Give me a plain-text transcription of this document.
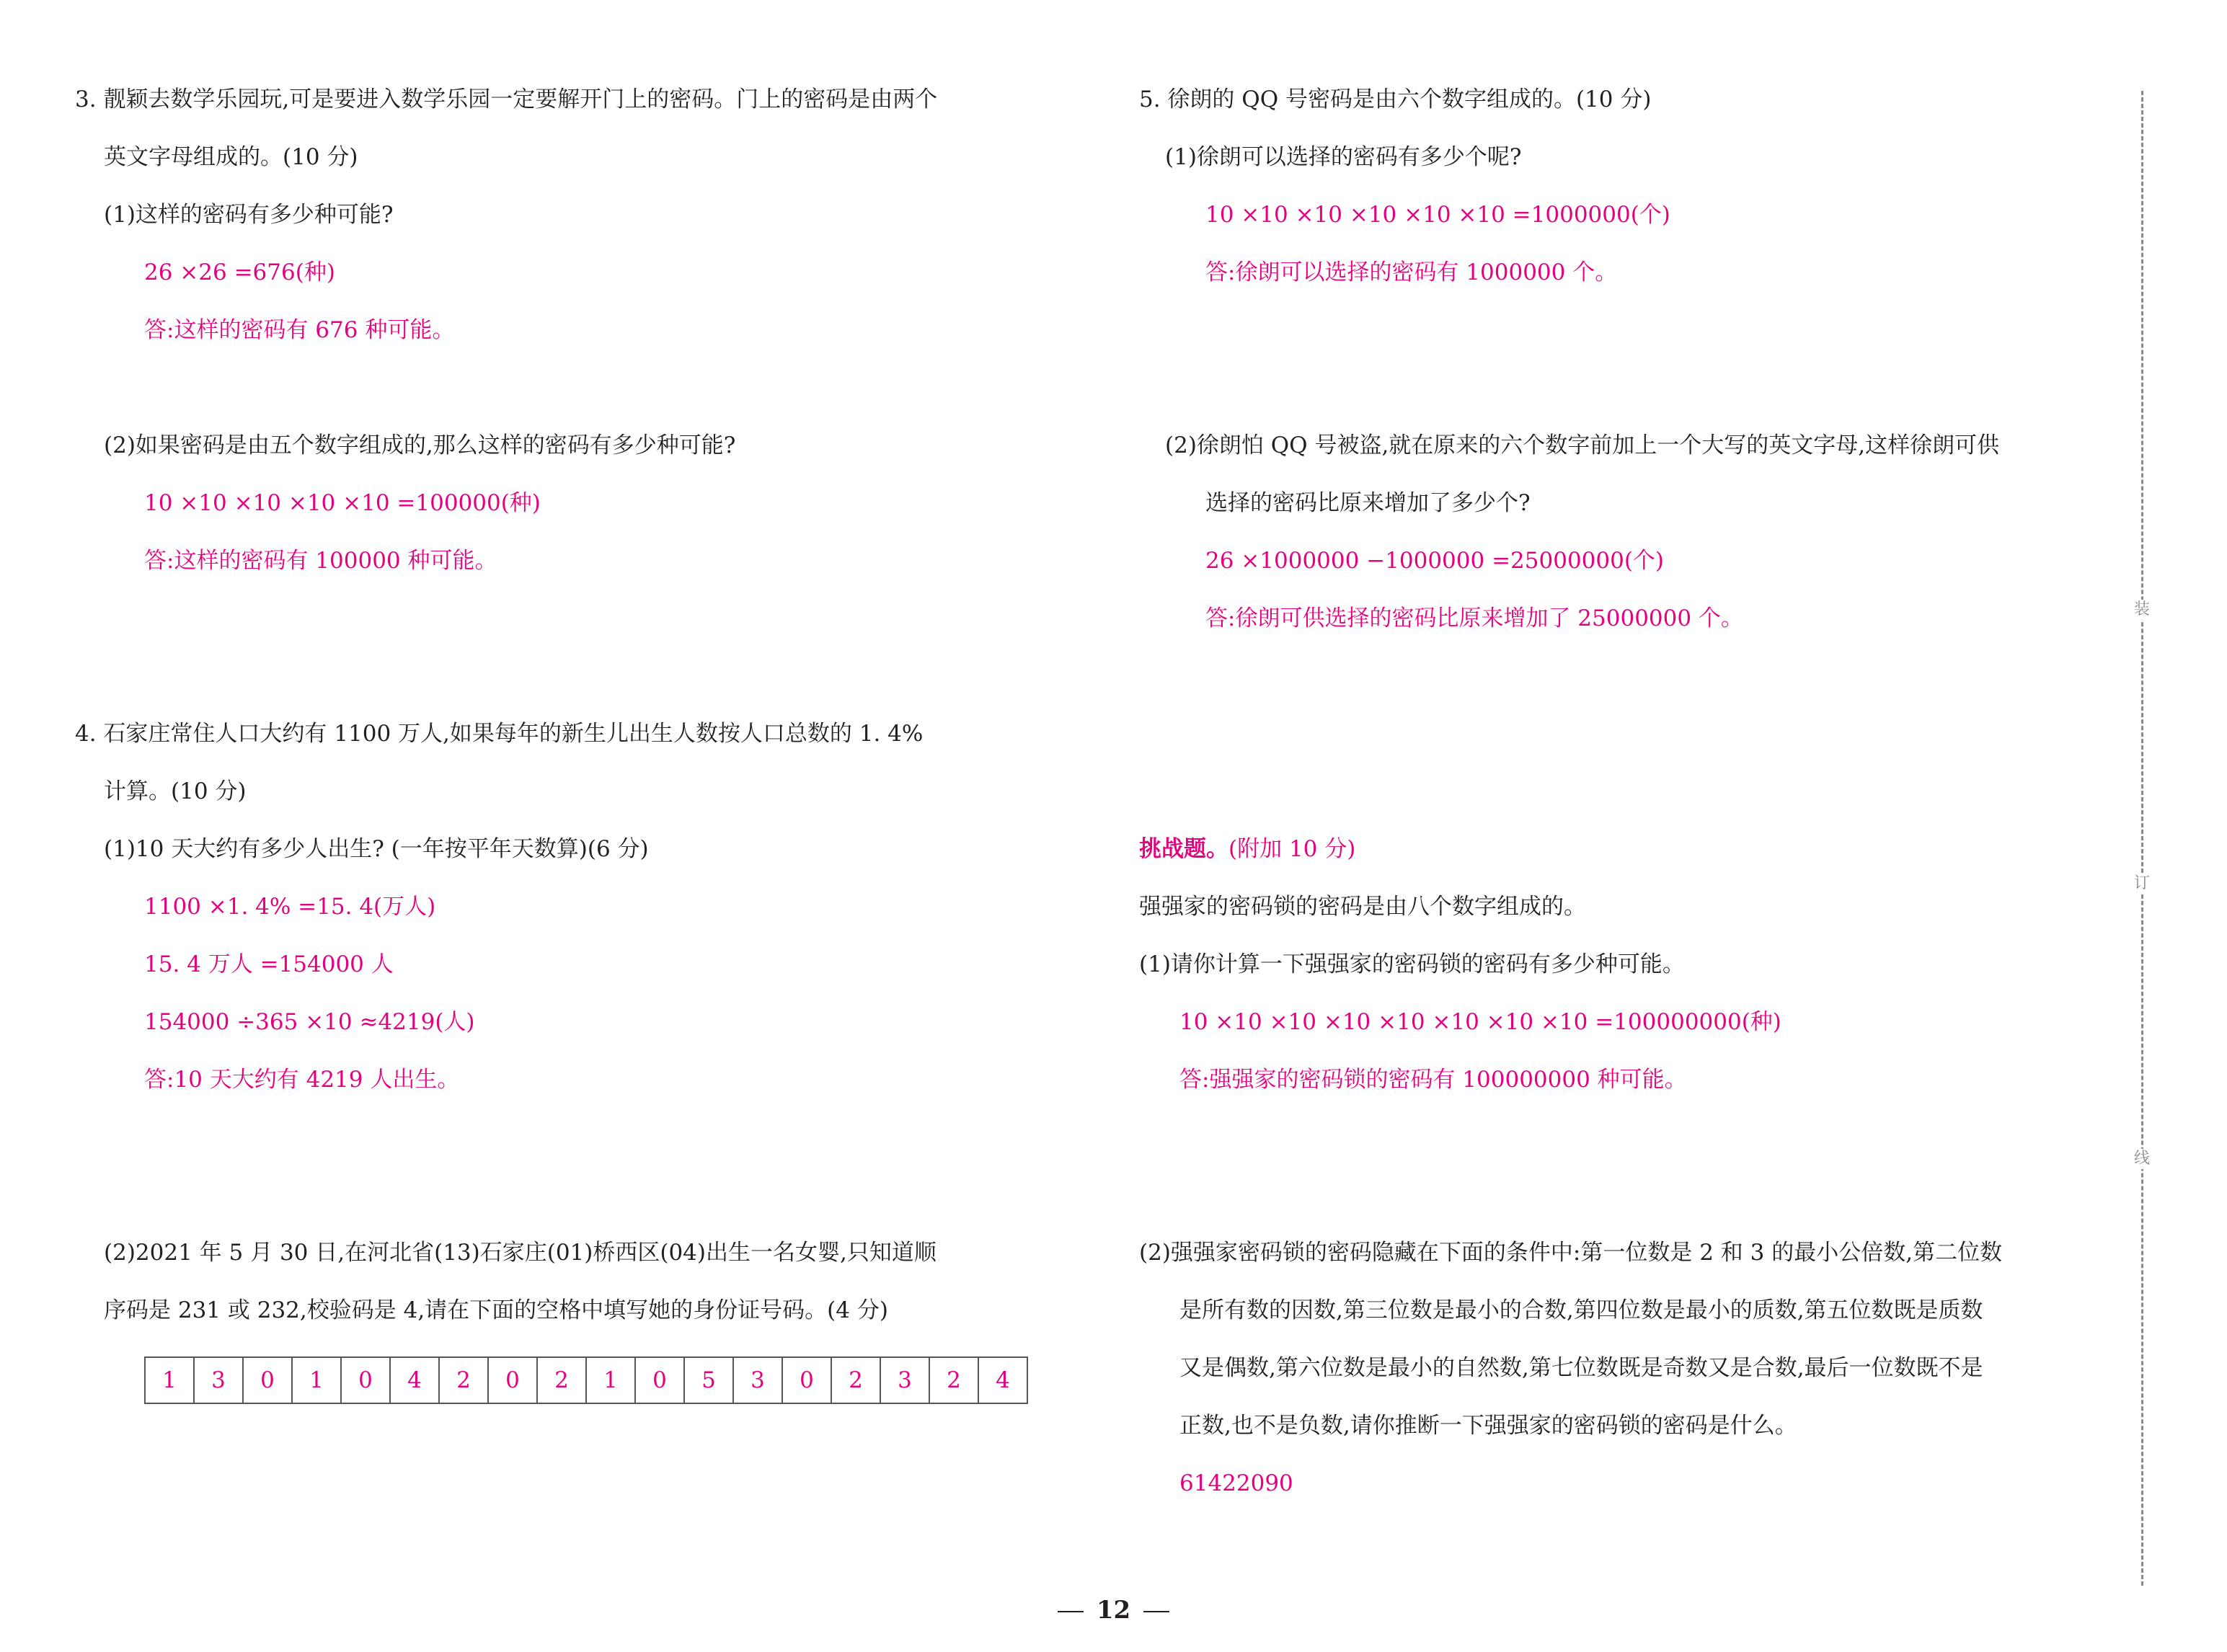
3. 靓颖去数学乐园玩,可是要进入数学乐园一定要解开门上的密码。门上的密码是由两个
英文字母组成的。(10 分)
(1)这样的密码有多少种可能?
26 ×26 =676(种)
答:这样的密码有 676 种可能。
(2)如果密码是由五个数字组成的,那么这样的密码有多少种可能?
10 ×10 ×10 ×10 ×10 =100000(种)
答:这样的密码有 100000 种可能。
4. 石家庄常住人口大约有 1100 万人,如果每年的新生儿出生人数按人口总数的 1. 4%
计算。(10 分)
(1)10 天大约有多少人出生? (一年按平年天数算)(6 分)
1100 ×1. 4% =15. 4(万人)
15. 4 万人 =154000 人
154000 ÷365 ×10 ≈4219(人)
答:10 天大约有 4219 人出生。
(2)2021 年 5 月 30 日,在河北省(13)石家庄(01)桥西区(04)出生一名女婴,只知道顺
序码是 231 或 232,校验码是 4,请在下面的空格中填写她的身份证号码。(4 分)
1	3	0	1	0	4	2	0	2	1	0	5	3	0	2	3	2	4
5. 徐朗的 QQ 号密码是由六个数字组成的。(10 分)
(1)徐朗可以选择的密码有多少个呢?
10 ×10 ×10 ×10 ×10 ×10 =1000000(个)
答:徐朗可以选择的密码有 1000000 个。
(2)徐朗怕 QQ 号被盗,就在原来的六个数字前加上一个大写的英文字母,这样徐朗可供
选择的密码比原来增加了多少个?
26 ×1000000 −1000000 =25000000(个)
答:徐朗可供选择的密码比原来增加了 25000000 个。
挑战题。(附加 10 分)
强强家的密码锁的密码是由八个数字组成的。
(1)请你计算一下强强家的密码锁的密码有多少种可能。
10 ×10 ×10 ×10 ×10 ×10 ×10 ×10 =100000000(种)
答:强强家的密码锁的密码有 100000000 种可能。
(2)强强家密码锁的密码隐藏在下面的条件中:第一位数是 2 和 3 的最小公倍数,第二位数
是所有数的因数,第三位数是最小的合数,第四位数是最小的质数,第五位数既是质数
又是偶数,第六位数是最小的自然数,第七位数既是奇数又是合数,最后一位数既不是
正数,也不是负数,请你推断一下强强家的密码锁的密码是什么。
61422090
装
订
线
12
